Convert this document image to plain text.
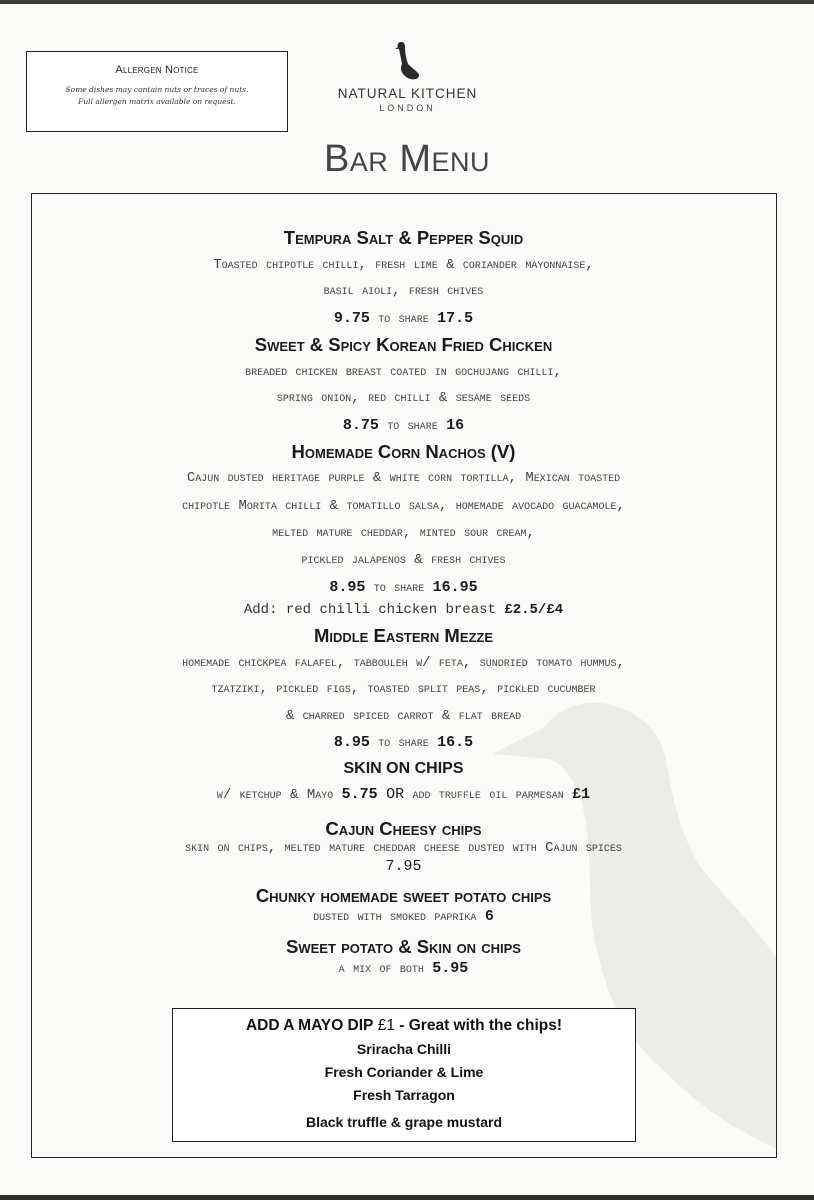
Allergen Notice
Some dishes may contain nuts or traces of nuts.
Full allergen matrix available on request.
NATURAL KITCHEN
LONDON
Bar Menu
Tempura Salt & Pepper Squid
Toasted chipotle chilli, fresh lime & coriander mayonnaise,
basil aioli, fresh chives
9.75 to share 17.5
Sweet & Spicy Korean Fried Chicken
breaded chicken breast coated in gochujang chilli,
spring onion, red chilli & sesame seeds
8.75 to share 16
Homemade Corn Nachos (V)
Cajun dusted heritage purple & white corn tortilla, Mexican toasted
chipotle Morita chilli & tomatillo salsa, homemade avocado guacamole,
melted mature cheddar, minted sour cream,
pickled jalapenos & fresh chives
8.95 to share 16.95
Add: red chilli chicken breast £2.5/£4
Middle Eastern Mezze
homemade chickpea falafel, tabbouleh w/ feta, sundried tomato hummus,
tzatziki, pickled figs, toasted split peas, pickled cucumber
& charred spiced carrot & flat bread
8.95 to share 16.5
SKIN ON CHIPS
w/ ketchup & Mayo 5.75 OR add truffle oil parmesan £1
Cajun Cheesy chips
skin on chips, melted mature cheddar cheese dusted with Cajun spices
7.95
Chunky homemade sweet potato chips
dusted with smoked paprika 6
Sweet potato & Skin on chips
a mix of both 5.95
ADD A MAYO DIP £1 - Great with the chips!
Sriracha Chilli
Fresh Coriander & Lime
Fresh Tarragon
Black truffle & grape mustard
